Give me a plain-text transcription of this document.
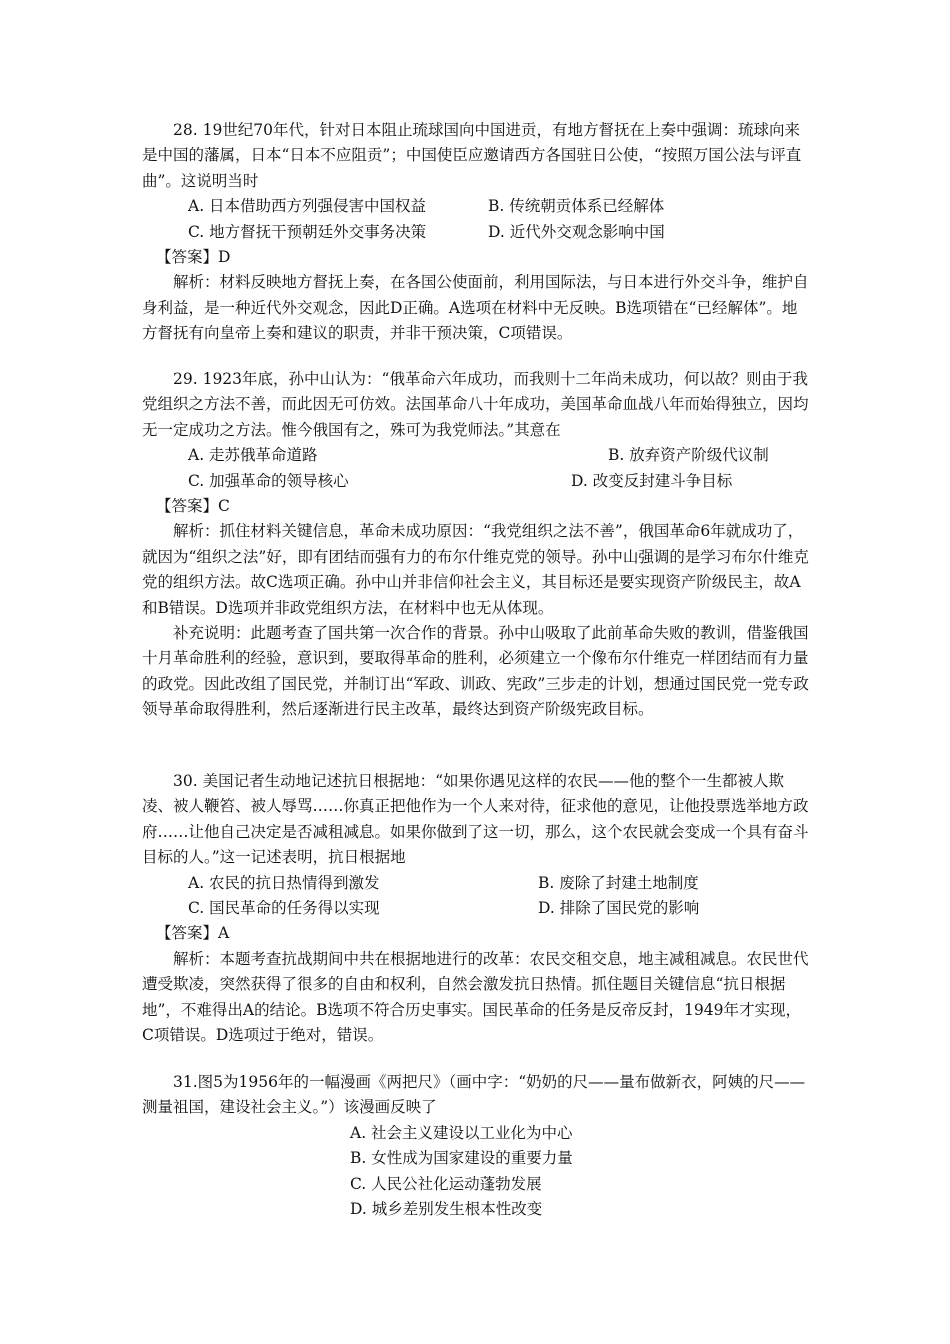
28. 19世纪70年代，针对日本阻止琉球国向中国进贡，有地方督抚在上奏中强调：琉球向来是中国的藩属，日本“日本不应阻贡”；中国使臣应邀请西方各国驻日公使，“按照万国公法与评直曲”。这说明当时

A. 日本借助西方列强侵害中国权益	B. 传统朝贡体系已经解体
C. 地方督抚干预朝廷外交事务决策	D. 近代外交观念影响中国

【答案】D

解析：材料反映地方督抚上奏，在各国公使面前，利用国际法，与日本进行外交斗争，维护自身利益，是一种近代外交观念，因此D正确。A选项在材料中无反映。B选项错在“已经解体”。地方督抚有向皇帝上奏和建议的职责，并非干预决策，C项错误。

29. 1923年底，孙中山认为：“俄革命六年成功，而我则十二年尚未成功，何以故？则由于我党组织之方法不善，而此因无可仿效。法国革命八十年成功，美国革命血战八年而始得独立，因均无一定成功之方法。惟今俄国有之，殊可为我党师法。”其意在

A. 走苏俄革命道路	B. 放弃资产阶级代议制
C. 加强革命的领导核心	D. 改变反封建斗争目标

【答案】C

解析：抓住材料关键信息，革命未成功原因：“我党组织之法不善”，俄国革命6年就成功了，就因为“组织之法”好，即有团结而强有力的布尔什维克党的领导。孙中山强调的是学习布尔什维克党的组织方法。故C选项正确。孙中山并非信仰社会主义，其目标还是要实现资产阶级民主，故A和B错误。D选项并非政党组织方法，在材料中也无从体现。

补充说明：此题考查了国共第一次合作的背景。孙中山吸取了此前革命失败的教训，借鉴俄国十月革命胜利的经验，意识到，要取得革命的胜利，必须建立一个像布尔什维克一样团结而有力量的政党。因此改组了国民党，并制订出“军政、训政、宪政”三步走的计划，想通过国民党一党专政领导革命取得胜利，然后逐渐进行民主改革，最终达到资产阶级宪政目标。

30. 美国记者生动地记述抗日根据地：“如果你遇见这样的农民——他的整个一生都被人欺凌、被人鞭笞、被人辱骂……你真正把他作为一个人来对待，征求他的意见，让他投票选举地方政府……让他自己决定是否减租减息。如果你做到了这一切，那么，这个农民就会变成一个具有奋斗目标的人。”这一记述表明，抗日根据地

A. 农民的抗日热情得到激发	B. 废除了封建土地制度
C. 国民革命的任务得以实现	D. 排除了国民党的影响

【答案】A

解析：本题考查抗战期间中共在根据地进行的改革：农民交租交息，地主减租减息。农民世代遭受欺凌，突然获得了很多的自由和权利，自然会激发抗日热情。抓住题目关键信息“抗日根据地”，不难得出A的结论。B选项不符合历史事实。国民革命的任务是反帝反封，1949年才实现，C项错误。D选项过于绝对，错误。

31.图5为1956年的一幅漫画《两把尺》（画中字：“奶奶的尺——量布做新衣，阿姨的尺——测量祖国，建设社会主义。”）该漫画反映了

A. 社会主义建设以工业化为中心

B. 女性成为国家建设的重要力量

C. 人民公社化运动蓬勃发展

D. 城乡差别发生根本性改变
